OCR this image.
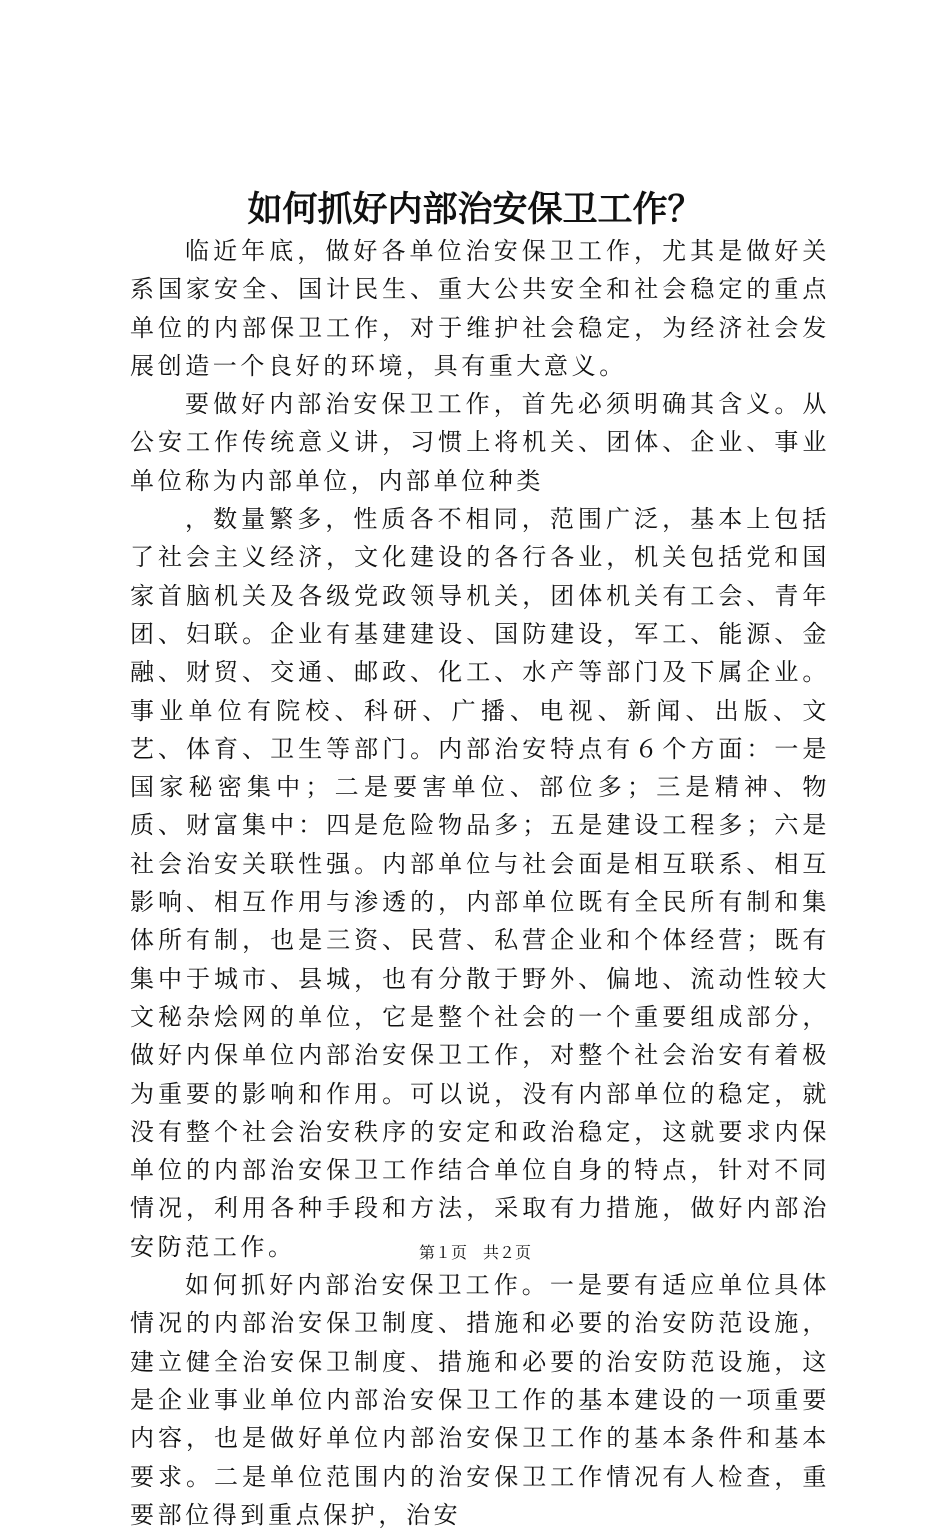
如何抓好内部治安保卫工作？

临近年底，做好各单位治安保卫工作，尤其是做好关系国家安全、国计民生、重大公共安全和社会稳定的重点单位的内部保卫工作，对于维护社会稳定，为经济社会发展创造一个良好的环境，具有重大意义。

要做好内部治安保卫工作，首先必须明确其含义。从公安工作传统意义讲，习惯上将机关、团体、企业、事业单位称为内部单位，内部单位种类

，数量繁多，性质各不相同，范围广泛，基本上包括了社会主义经济，文化建设的各行各业，机关包括党和国家首脑机关及各级党政领导机关，团体机关有工会、青年团、妇联。企业有基建建设、国防建设，军工、能源、金融、财贸、交通、邮政、化工、水产等部门及下属企业。事业单位有院校、科研、广播、电视、新闻、出版、文艺、体育、卫生等部门。内部治安特点有６个方面：一是国家秘密集中；二是要害单位、部位多；三是精神、物质、财富集中：四是危险物品多；五是建设工程多；六是社会治安关联性强。内部单位与社会面是相互联系、相互影响、相互作用与渗透的，内部单位既有全民所有制和集体所有制，也是三资、民营、私营企业和个体经营；既有集中于城市、县城，也有分散于野外、偏地、流动性较大文秘杂烩网的单位，它是整个社会的一个重要组成部分，做好内保单位内部治安保卫工作，对整个社会治安有着极为重要的影响和作用。可以说，没有内部单位的稳定，就没有整个社会治安秩序的安定和政治稳定，这就要求内保单位的内部治安保卫工作结合单位自身的特点，针对不同情况，利用各种手段和方法，采取有力措施，做好内部治安防范工作。

如何抓好内部治安保卫工作。一是要有适应单位具体情况的内部治安保卫制度、措施和必要的治安防范设施，建立健全治安保卫制度、措施和必要的治安防范设施，这是企业事业单位内部治安保卫工作的基本建设的一项重要内容，也是做好单位内部治安保卫工作的基本条件和基本要求。二是单位范围内的治安保卫工作情况有人检查，重要部位得到重点保护，治安

第１页　共２页
